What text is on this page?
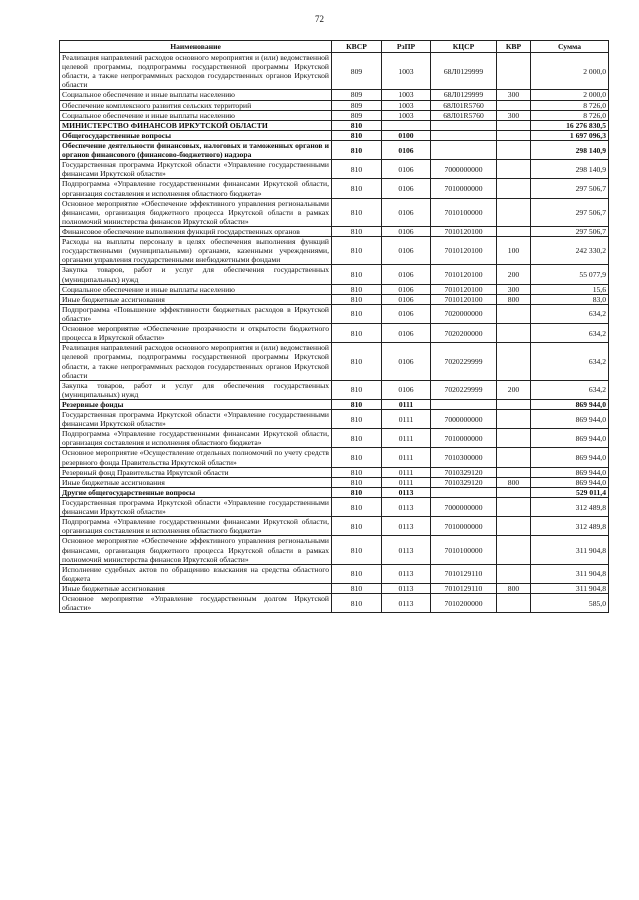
72
Наименование	КВСР	РзПР	КЦСР	КВР	Сумма
Реализация направлений расходов основного мероприятия и (или) ведомственной целевой программы, подпрограммы государственной программы Иркутской области, а также непрограммных расходов государственных органов Иркутской области	809	1003	68Л0129999		2 000,0
Социальное обеспечение и иные выплаты населению	809	1003	68Л0129999	300	2 000,0
Обеспечение комплексного развития сельских территорий	809	1003	68Л01R5760		8 726,0
Социальное обеспечение и иные выплаты населению	809	1003	68Л01R5760	300	8 726,0
МИНИСТЕРСТВО ФИНАНСОВ ИРКУТСКОЙ ОБЛАСТИ	810				16 276 830,5
Общегосударственные вопросы	810	0100			1 697 096,3
Обеспечение деятельности финансовых, налоговых и таможенных органов и органов финансового (финансово-бюджетного) надзора	810	0106			298 140,9
Государственная программа Иркутской области «Управление государственными финансами Иркутской области»	810	0106	7000000000		298 140,9
Подпрограмма «Управление государственными финансами Иркутской области, организация составления и исполнения областного бюджета»	810	0106	7010000000		297 506,7
Основное мероприятие «Обеспечение эффективного управления региональными финансами, организация бюджетного процесса Иркутской области в рамках полномочий министерства финансов Иркутской области»	810	0106	7010100000		297 506,7
Финансовое обеспечение выполнения функций государственных органов	810	0106	7010120100		297 506,7
Расходы на выплаты персоналу в целях обеспечения выполнения функций государственными (муниципальными) органами, казенными учреждениями, органами управления государственными внебюджетными фондами	810	0106	7010120100	100	242 330,2
Закупка товаров, работ и услуг для обеспечения государственных (муниципальных) нужд	810	0106	7010120100	200	55 077,9
Социальное обеспечение и иные выплаты населению	810	0106	7010120100	300	15,6
Иные бюджетные ассигнования	810	0106	7010120100	800	83,0
Подпрограмма «Повышение эффективности бюджетных расходов в Иркутской области»	810	0106	7020000000		634,2
Основное мероприятие «Обеспечение прозрачности и открытости бюджетного процесса в Иркутской области»	810	0106	7020200000		634,2
Реализация направлений расходов основного мероприятия и (или) ведомственной целевой программы, подпрограммы государственной программы Иркутской области, а также непрограммных расходов государственных органов Иркутской области	810	0106	7020229999		634,2
Закупка товаров, работ и услуг для обеспечения государственных (муниципальных) нужд	810	0106	7020229999	200	634,2
Резервные фонды	810	0111			869 944,0
Государственная программа Иркутской области «Управление государственными финансами Иркутской области»	810	0111	7000000000		869 944,0
Подпрограмма «Управление государственными финансами Иркутской области, организация составления и исполнения областного бюджета»	810	0111	7010000000		869 944,0
Основное мероприятие «Осуществление отдельных полномочий по учету средств резервного фонда Правительства Иркутской области»	810	0111	7010300000		869 944,0
Резервный фонд Правительства Иркутской области	810	0111	7010329120		869 944,0
Иные бюджетные ассигнования	810	0111	7010329120	800	869 944,0
Другие общегосударственные вопросы	810	0113			529 011,4
Государственная программа Иркутской области «Управление государственными финансами Иркутской области»	810	0113	7000000000		312 489,8
Подпрограмма «Управление государственными финансами Иркутской области, организация составления и исполнения областного бюджета»	810	0113	7010000000		312 489,8
Основное мероприятие «Обеспечение эффективного управления региональными финансами, организация бюджетного процесса Иркутской области в рамках полномочий министерства финансов Иркутской области»	810	0113	7010100000		311 904,8
Исполнение судебных актов по обращению взыскания на средства областного бюджета	810	0113	7010129110		311 904,8
Иные бюджетные ассигнования	810	0113	7010129110	800	311 904,8
Основное мероприятие «Управление государственным долгом Иркутской области»	810	0113	7010200000		585,0
